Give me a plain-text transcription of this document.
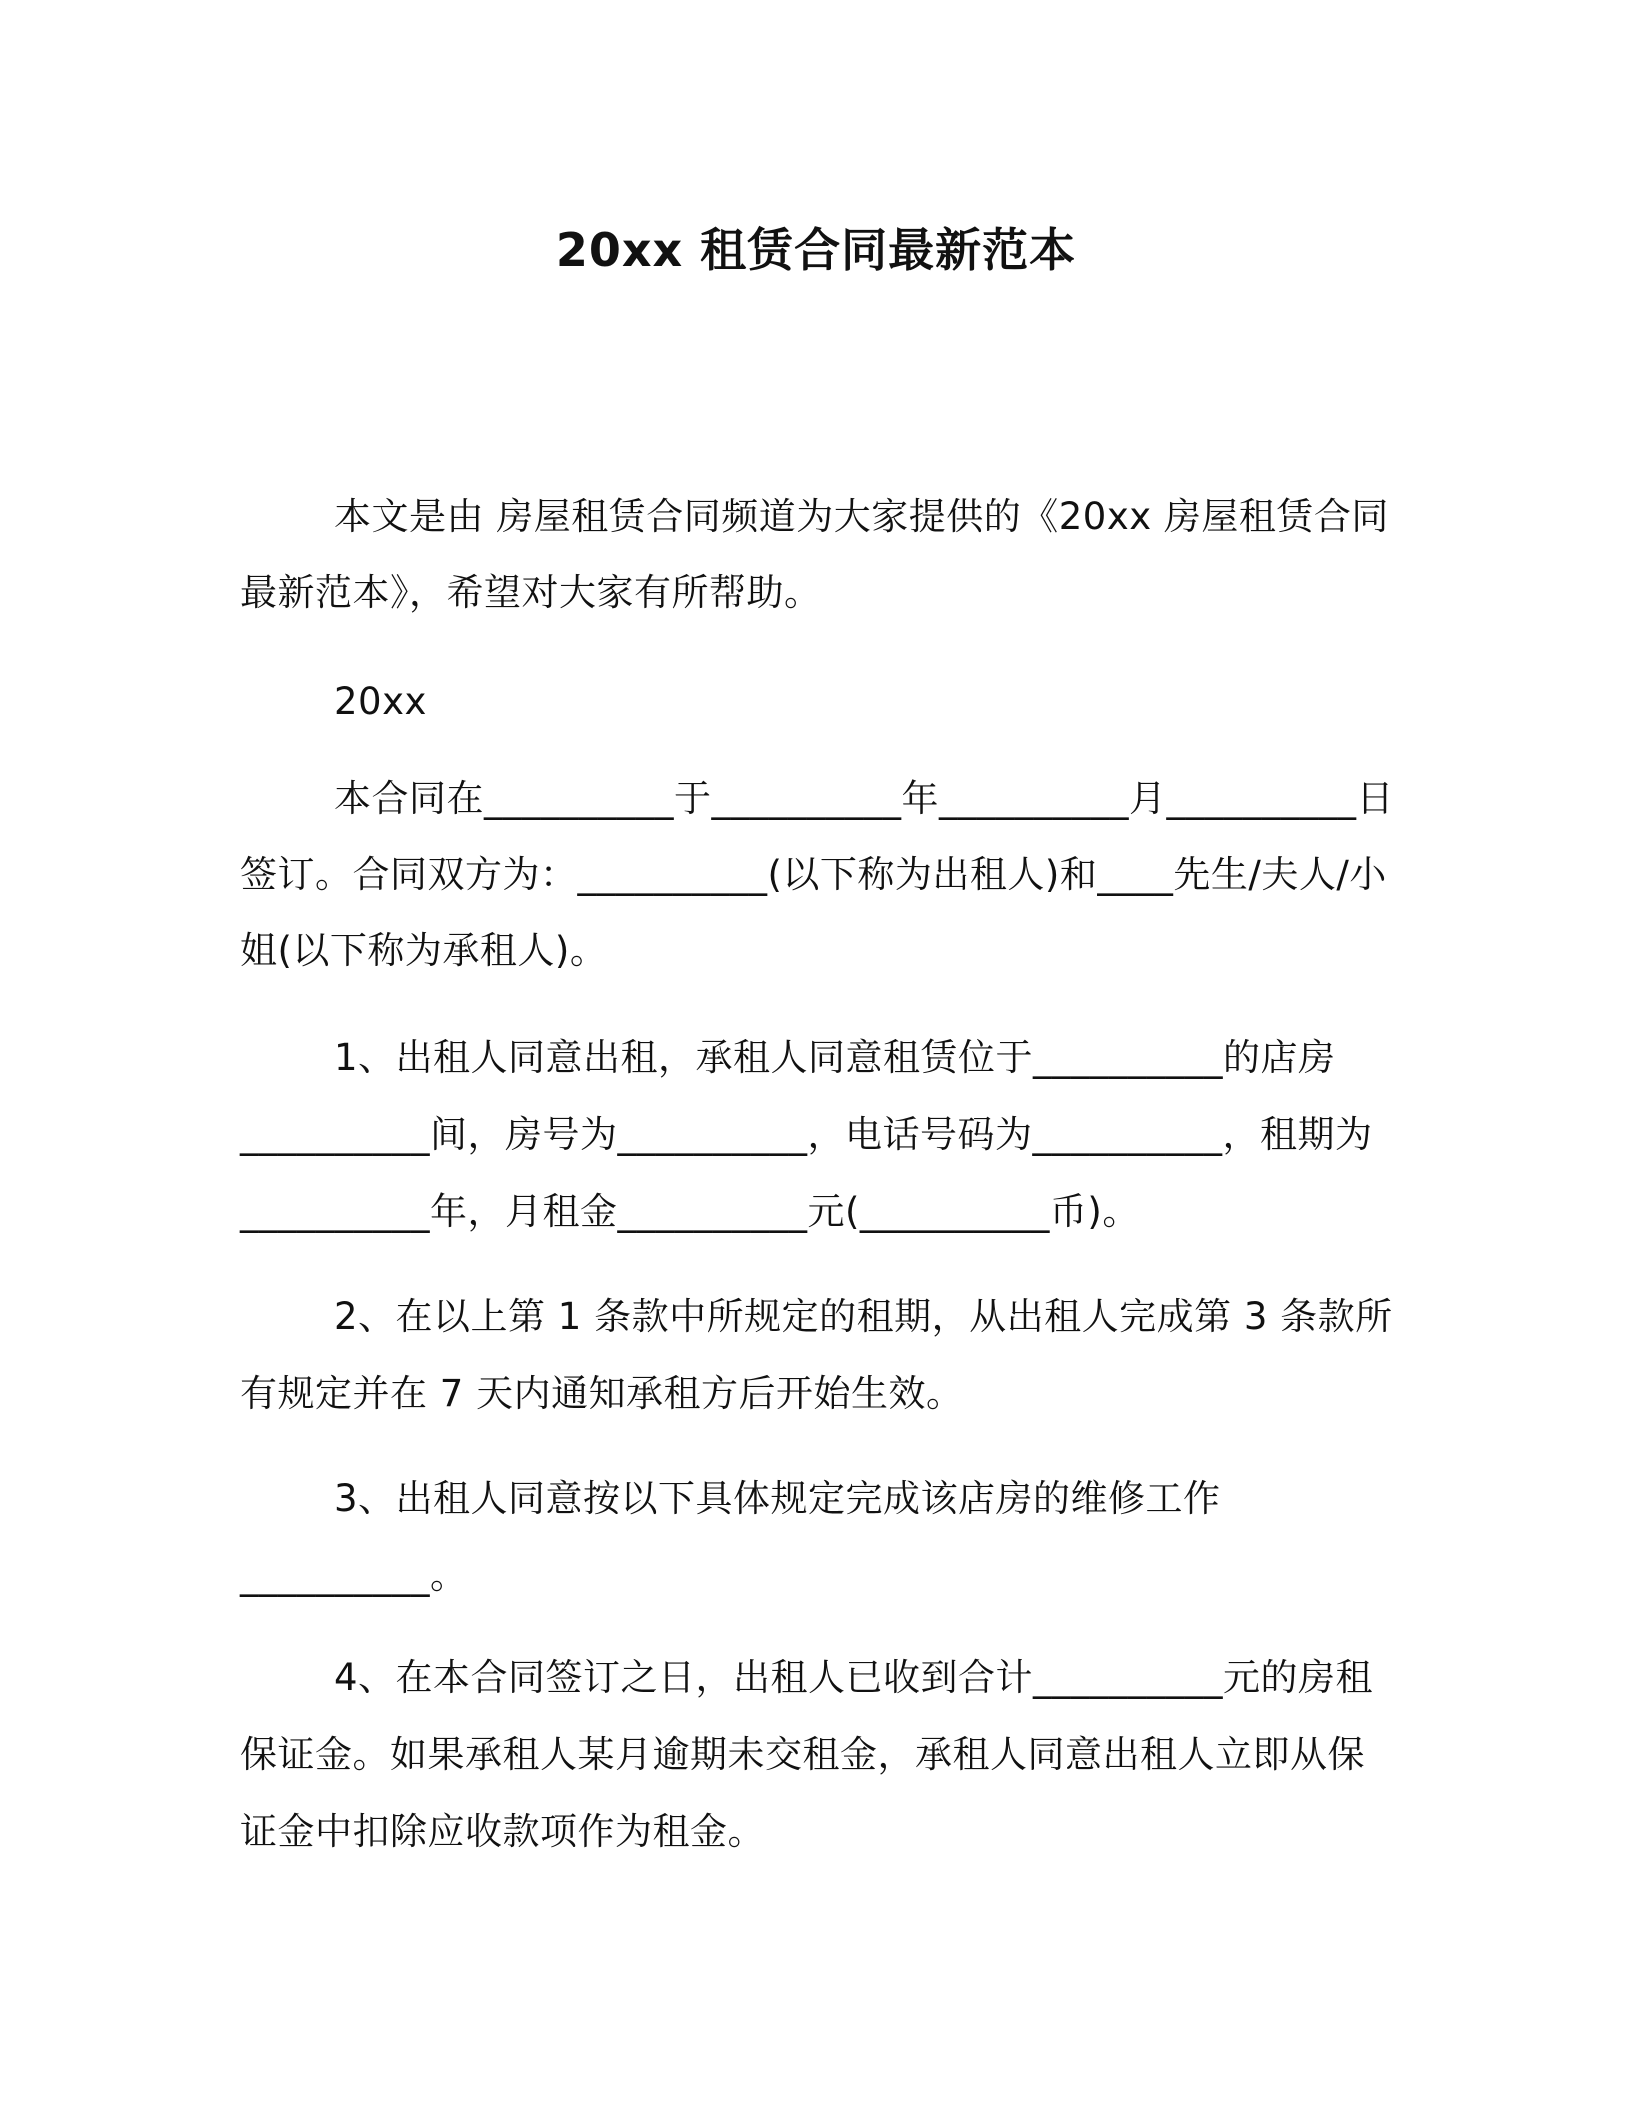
20xx 租赁合同最新范本
本文是由 房屋租赁合同频道为大家提供的《20xx 房屋租赁合同
最新范本》，希望对大家有所帮助。
20xx
本合同在__________于__________年__________月__________日
签订。合同双方为：__________(以下称为出租人)和____先生/夫人/小
姐(以下称为承租人)。
1、出租人同意出租，承租人同意租赁位于__________的店房
__________间，房号为__________，电话号码为__________，租期为
__________年，月租金__________元(__________币)。
2、在以上第 1 条款中所规定的租期，从出租人完成第 3 条款所
有规定并在 7 天内通知承租方后开始生效。
3、出租人同意按以下具体规定完成该店房的维修工作
__________。
4、在本合同签订之日，出租人已收到合计__________元的房租
保证金。如果承租人某月逾期未交租金，承租人同意出租人立即从保
证金中扣除应收款项作为租金。
